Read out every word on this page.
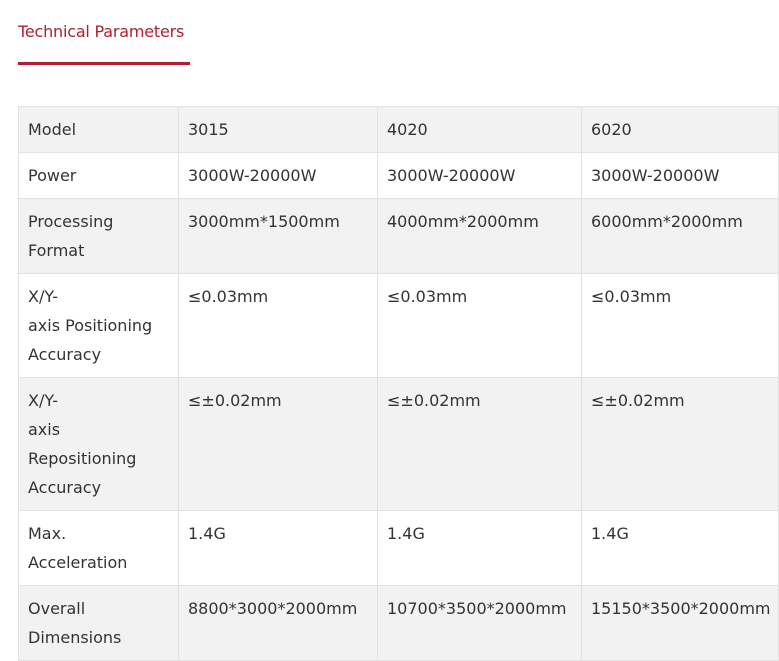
Technical Parameters
Model	3015	4020	6020

Power	3000W-20000W	3000W-20000W	3000W-20000W

Processing
Format	3000mm*1500mm	4000mm*2000mm	6000mm*2000mm

X/Y-
axis Positioning
Accuracy	≤0.03mm	≤0.03mm	≤0.03mm

X/Y-
axis Repositioning
Accuracy	≤±0.02mm	≤±0.02mm	≤±0.02mm

Max.
Acceleration	1.4G	1.4G	1.4G

Overall
Dimensions	8800*3000*2000mm	10700*3500*2000mm	15150*3500*2000mm
